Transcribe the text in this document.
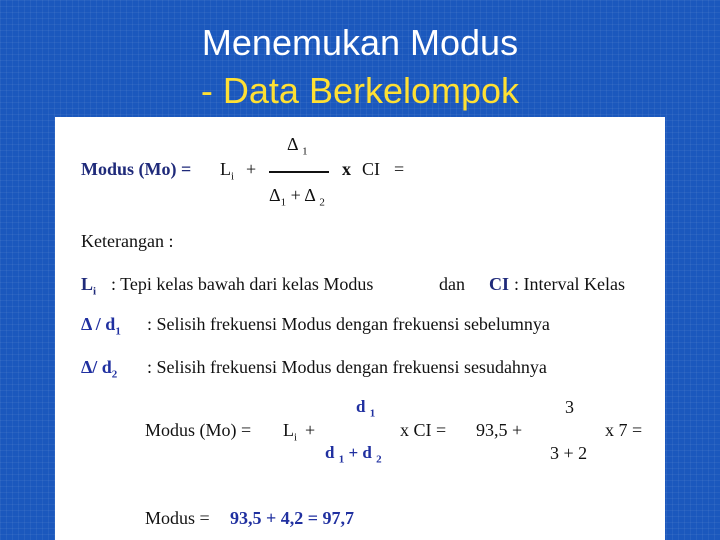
Menemukan Modus
- Data Berkelompok
Modus $(Mo) = L_i$ +
Δ $_1$
$\Delta_1 + \Delta$ $_2$
x CI =
Keterangan :
$L_i$ : Tepi kelas bawah dari kelas Modus	dan CI : Interval Kelas
Δ / $d_1$ : Selisih frekuensi Modus dengan frekuensi sebelumnya
Δ/ $d_2$ : Selisih frekuensi Modus dengan frekuensi sesudahnya
d $_1$
Modus $(Mo) = L_i$ +
d $_1$ + d $_2$
x CI = 93,5 +
3
3 + 2
x 7 =
Modus = 93,5 + 4,2 = 97,7
